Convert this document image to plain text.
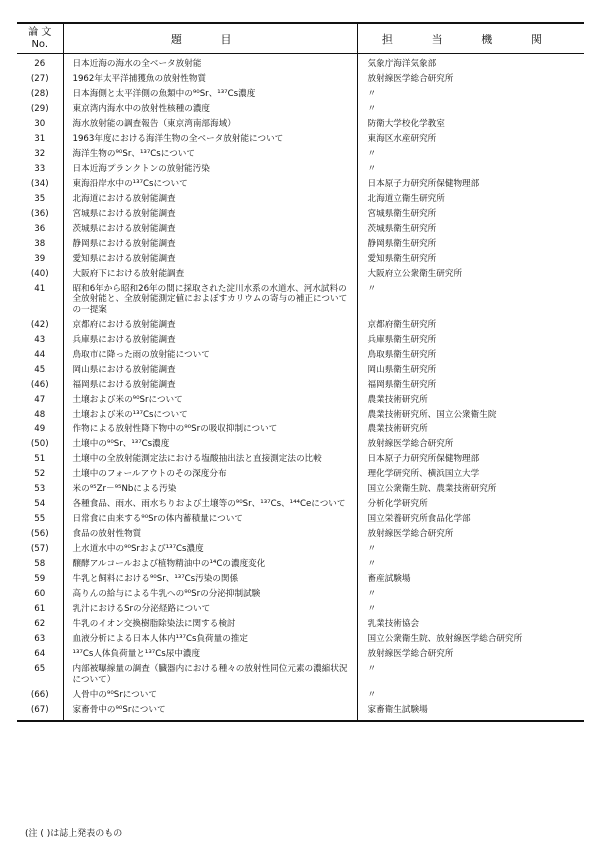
論 文
No.	題 目	担 当 機 関
26	日本近海の海水の全ベータ放射能	気象庁海洋気象部
(27)	1962年太平洋捕獲魚の放射性物質	放射線医学総合研究所
(28)	日本海側と太平洋側の魚類中の⁹⁰Sr、¹³⁷Cs濃度	〃
(29)	東京湾内海水中の放射性核種の濃度	〃
30	海水放射能の調査報告（東京湾南部海域）	防衛大学校化学教室
31	1963年度における海洋生物の全ベータ放射能について	東海区水産研究所
32	海洋生物の⁹⁰Sr、¹³⁷Csについて	〃
33	日本近海プランクトンの放射能汚染	〃
(34)	東海沿岸水中の¹³⁷Csについて	日本原子力研究所保健物理部
35	北海道における放射能調査	北海道立衛生研究所
(36)	宮城県における放射能調査	宮城県衛生研究所
36	茨城県における放射能調査	茨城県衛生研究所
38	静岡県における放射能調査	静岡県衛生研究所
39	愛知県における放射能調査	愛知県衛生研究所
(40)	大阪府下における放射能調査	大阪府立公衆衛生研究所
41	昭和6年から昭和26年の間に採取された淀川水系の水道水、河水試料の全放射能と、全放射能測定値におよぼすカリウムの寄与の補正についての一提案	〃
(42)	京都府における放射能調査	京都府衛生研究所
43	兵庫県における放射能調査	兵庫県衛生研究所
44	鳥取市に降った雨の放射能について	鳥取県衛生研究所
45	岡山県における放射能調査	岡山県衛生研究所
(46)	福岡県における放射能調査	福岡県衛生研究所
47	土壌および米の⁹⁰Srについて	農業技術研究所
48	土壌および米の¹³⁷Csについて	農業技術研究所、国立公衆衛生院
49	作物による放射性降下物中の⁹⁰Srの吸収抑制について	農業技術研究所
(50)	土壌中の⁹⁰Sr、¹³⁷Cs濃度	放射線医学総合研究所
51	土壌中の全放射能測定法における塩酸抽出法と直接測定法の比較	日本原子力研究所保健物理部
52	土壌中のフォールアウトのその深度分布	理化学研究所、横浜国立大学
53	米の⁹⁵Zr－⁹⁵Nbによる汚染	国立公衆衛生院、農業技術研究所
54	各種食品、雨水、雨水ちりおよび土壌等の⁹⁰Sr、¹³⁷Cs、¹⁴⁴Ceについて	分析化学研究所
55	日常食に由来する⁹⁰Srの体内蓄積量について	国立栄養研究所食品化学部
(56)	食品の放射性物質	放射線医学総合研究所
(57)	上水道水中の⁹⁰Srおよび¹³⁷Cs濃度	〃
58	醸酵アルコールおよび植物精油中の¹⁴Cの濃度変化	〃
59	牛乳と飼料における⁹⁰Sr、¹³⁷Cs汚染の関係	畜産試験場
60	高りんの給与による牛乳への⁹⁰Srの分泌抑制試験	〃
61	乳汁におけるSrの分泌経路について	〃
62	牛乳のイオン交換樹脂除染法に関する検討	乳業技術協会
63	血液分析による日本人体内¹³⁷Cs負荷量の推定	国立公衆衛生院、放射線医学総合研究所
64	¹³⁷Cs人体負荷量と¹³⁷Cs尿中濃度	放射線医学総合研究所
65	内部被曝線量の調査（臓器内における種々の放射性同位元素の濃縮状況について）	〃
(66)	人骨中の⁹⁰Srについて	〃
(67)	家畜骨中の⁹⁰Srについて	家畜衛生試験場
(注 ( )は誌上発表のもの
